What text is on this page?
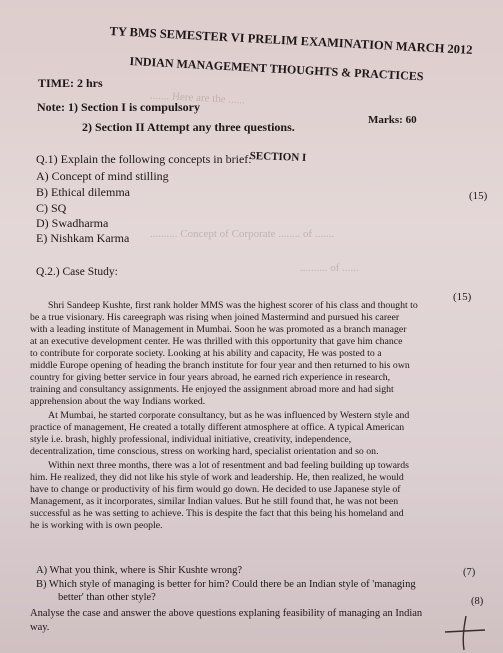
....... Here are the ......
.......... Concept of Corporate ........ of .......
.......... of ......
TY BMS SEMESTER VI PRELIM EXAMINATION MARCH 2012
INDIAN MANAGEMENT THOUGHTS & PRACTICES
TIME: 2 hrs
Marks: 60
Note: 1) Section I is compulsory
2) Section II Attempt any three questions.
SECTION I
Q.1) Explain the following concepts in brief:
A) Concept of mind stilling
B) Ethical dilemma	(15)
C) SQ
D) Swadharma
E) Nishkam Karma
Q.2.) Case Study:
(15)
Shri Sandeep Kushte, first rank holder MMS was the highest scorer of his class and thought to
be a true visionary. His careegraph was rising when joined Mastermind and pursued his career
with a leading institute of Management in Mumbai. Soon he was promoted as a branch manager
at an executive development center. He was thrilled with this opportunity that gave him chance
to contribute for corporate society. Looking at his ability and capacity, He was posted to a
middle Europe opening of heading the branch institute for four year and then returned to his own
country for giving better service in four years abroad, he earned rich experience in research,
training and consultancy assignments. He enjoyed the assignment abroad more and had sight
apprehension about the way Indians worked.
At Mumbai, he started corporate consultancy, but as he was influenced by Western style and
practice of management, He created a totally different atmosphere at office. A typical American
style i.e. brash, highly professional, individual initiative, creativity, independence,
decentralization, time conscious, stress on working hard, specialist orientation and so on.
Within next three months, there was a lot of resentment and bad feeling building up towards
him. He realized, they did not like his style of work and leadership. He, then realized, he would
have to change or productivity of his firm would go down. He decided to use Japanese style of
Management, as it incorporates, similar Indian values. But he still found that, he was not been
successful as he was setting to achieve. This is despite the fact that this being his homeland and
he is working with is own people.
A) What you think, where is Shir Kushte wrong?	(7)
B) Which style of managing is better for him? Could there be an Indian style of 'managing
better' than other style?	(8)
Analyse the case and answer the above questions explaning feasibility of managing an Indian
way.
